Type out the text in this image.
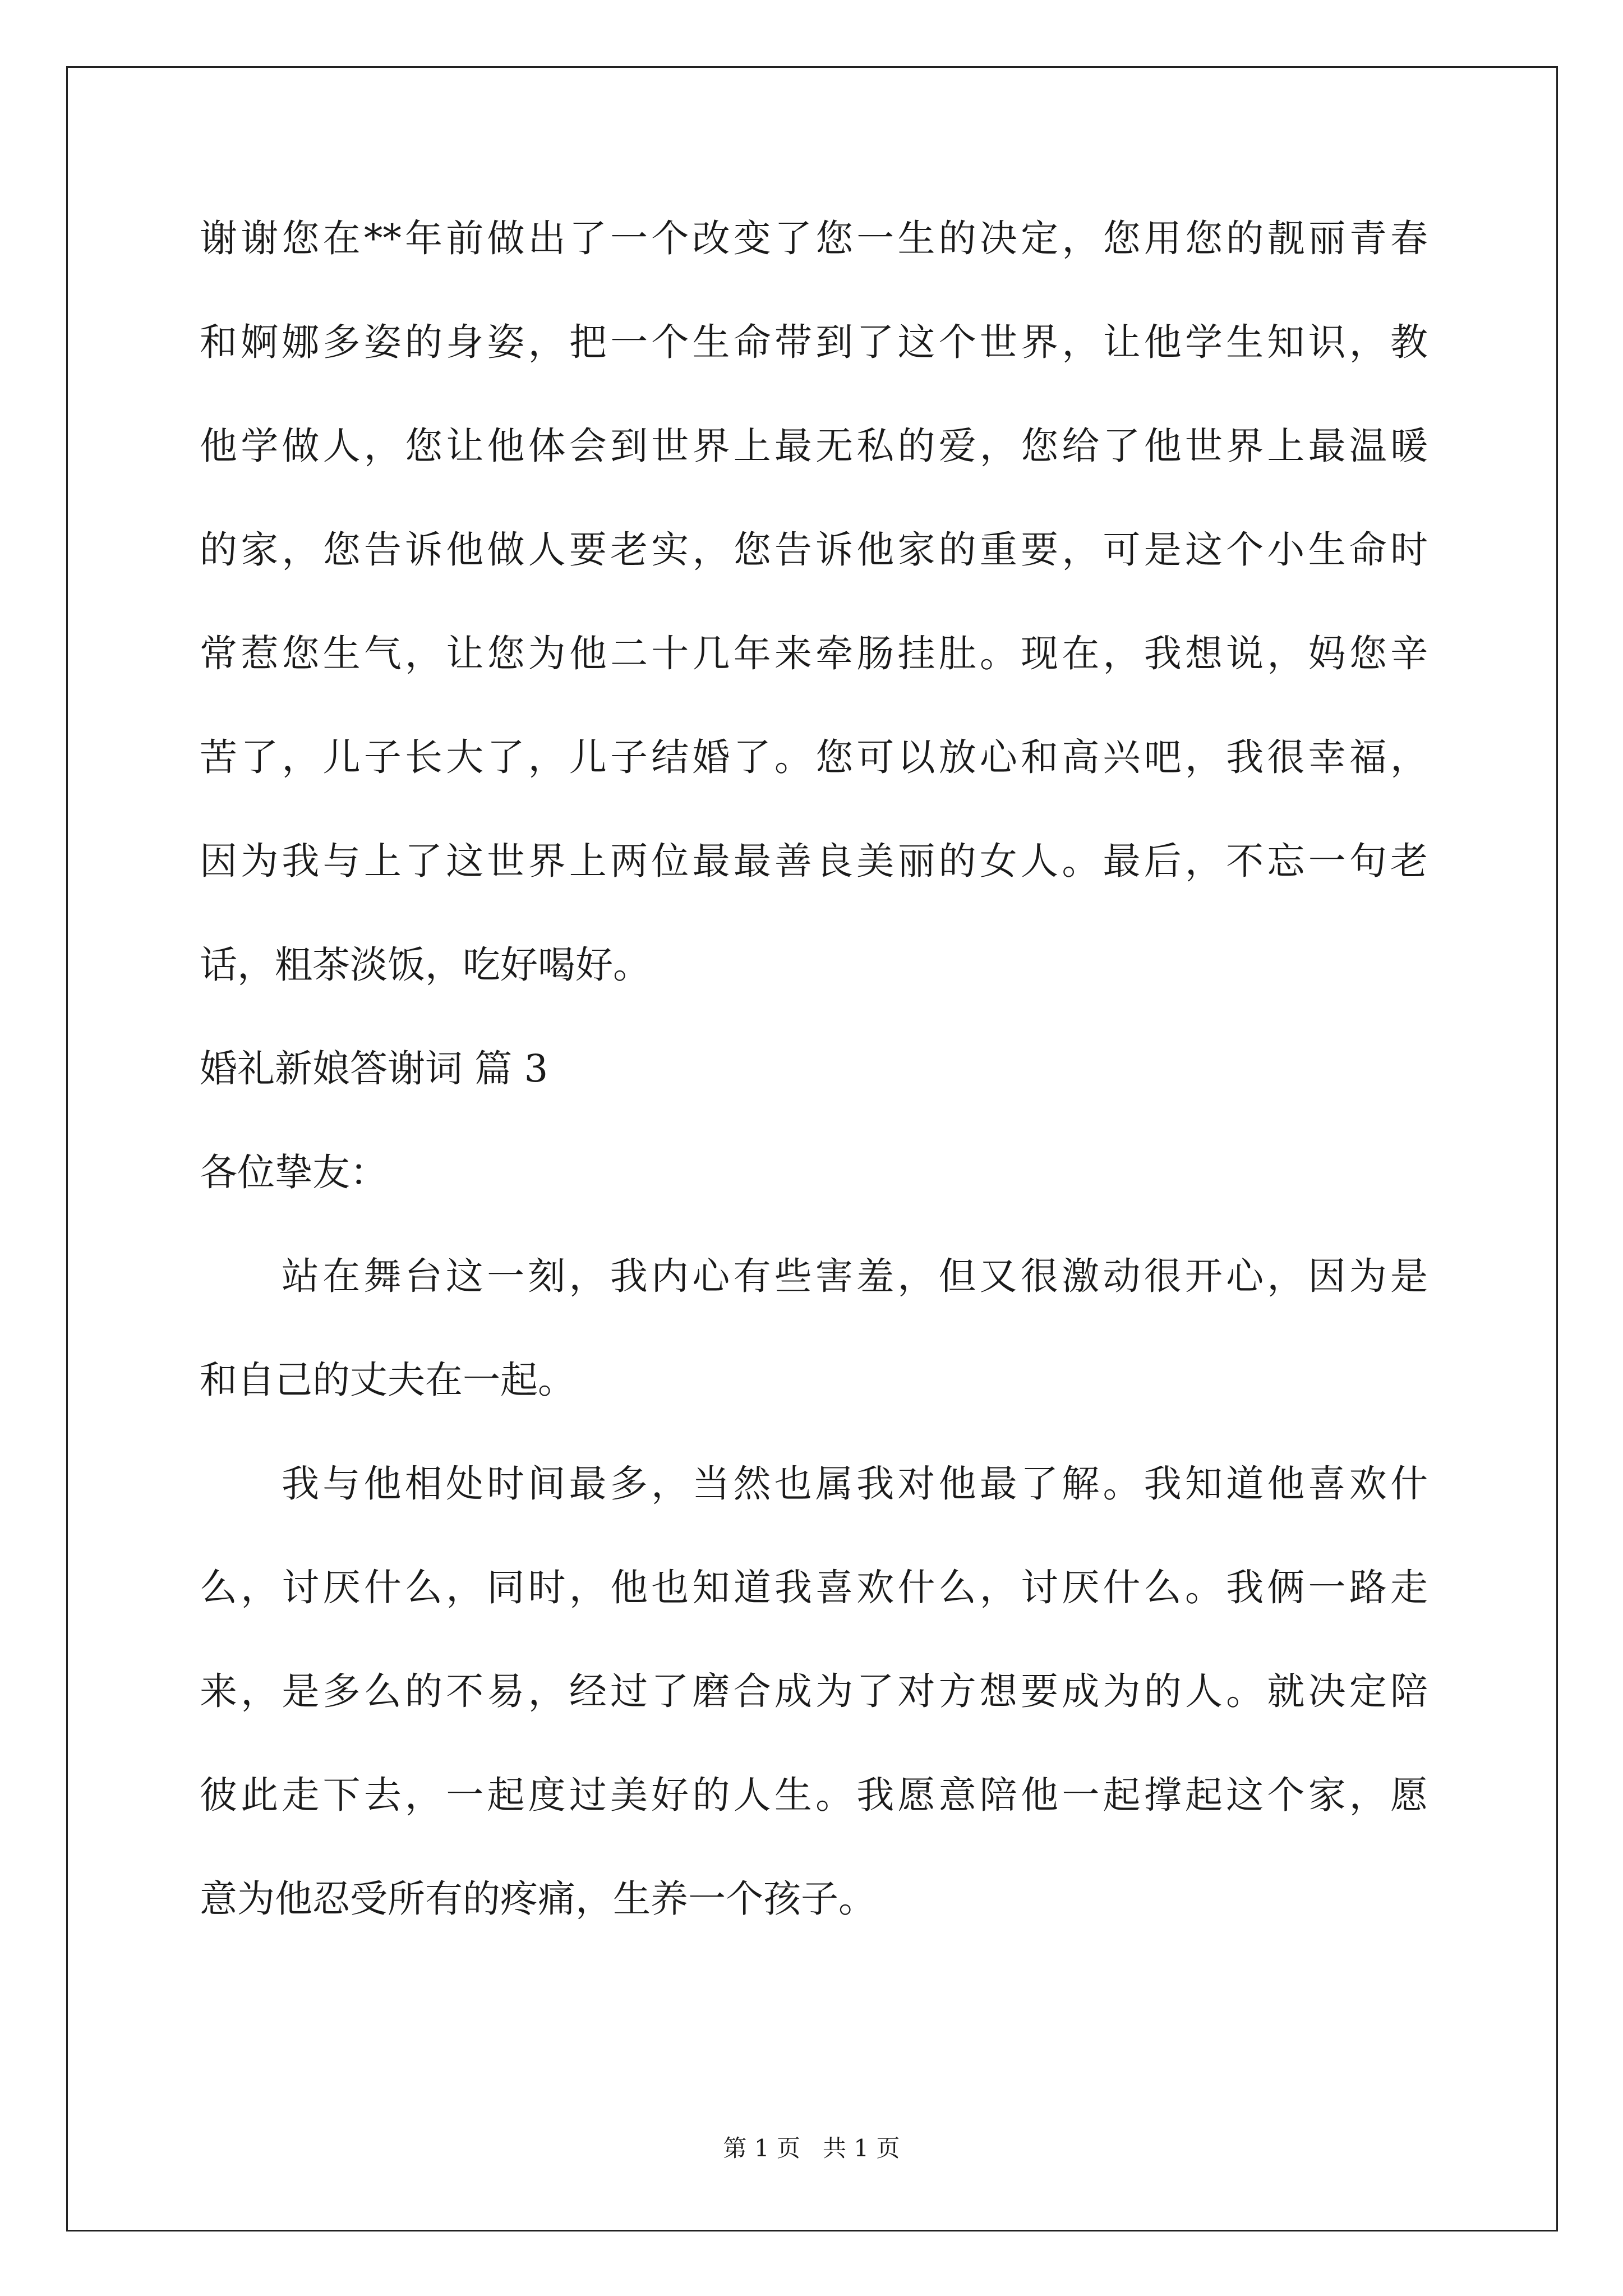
谢谢您在**年前做出了一个改变了您一生的决定，您用您的靓丽青春
和婀娜多姿的身姿，把一个生命带到了这个世界，让他学生知识，教
他学做人，您让他体会到世界上最无私的爱，您给了他世界上最温暖
的家，您告诉他做人要老实，您告诉他家的重要，可是这个小生命时
常惹您生气，让您为他二十几年来牵肠挂肚。现在，我想说，妈您辛
苦了，儿子长大了，儿子结婚了。您可以放心和高兴吧，我很幸福，
因为我与上了这世界上两位最最善良美丽的女人。最后，不忘一句老
话，粗茶淡饭，吃好喝好。
婚礼新娘答谢词 篇 3
各位挚友：
站在舞台这一刻，我内心有些害羞，但又很激动很开心，因为是
和自己的丈夫在一起。
我与他相处时间最多，当然也属我对他最了解。我知道他喜欢什
么，讨厌什么，同时，他也知道我喜欢什么，讨厌什么。我俩一路走
来，是多么的不易，经过了磨合成为了对方想要成为的人。就决定陪
彼此走下去，一起度过美好的人生。我愿意陪他一起撑起这个家，愿
意为他忍受所有的疼痛，生养一个孩子。
第 1 页   共 1 页
